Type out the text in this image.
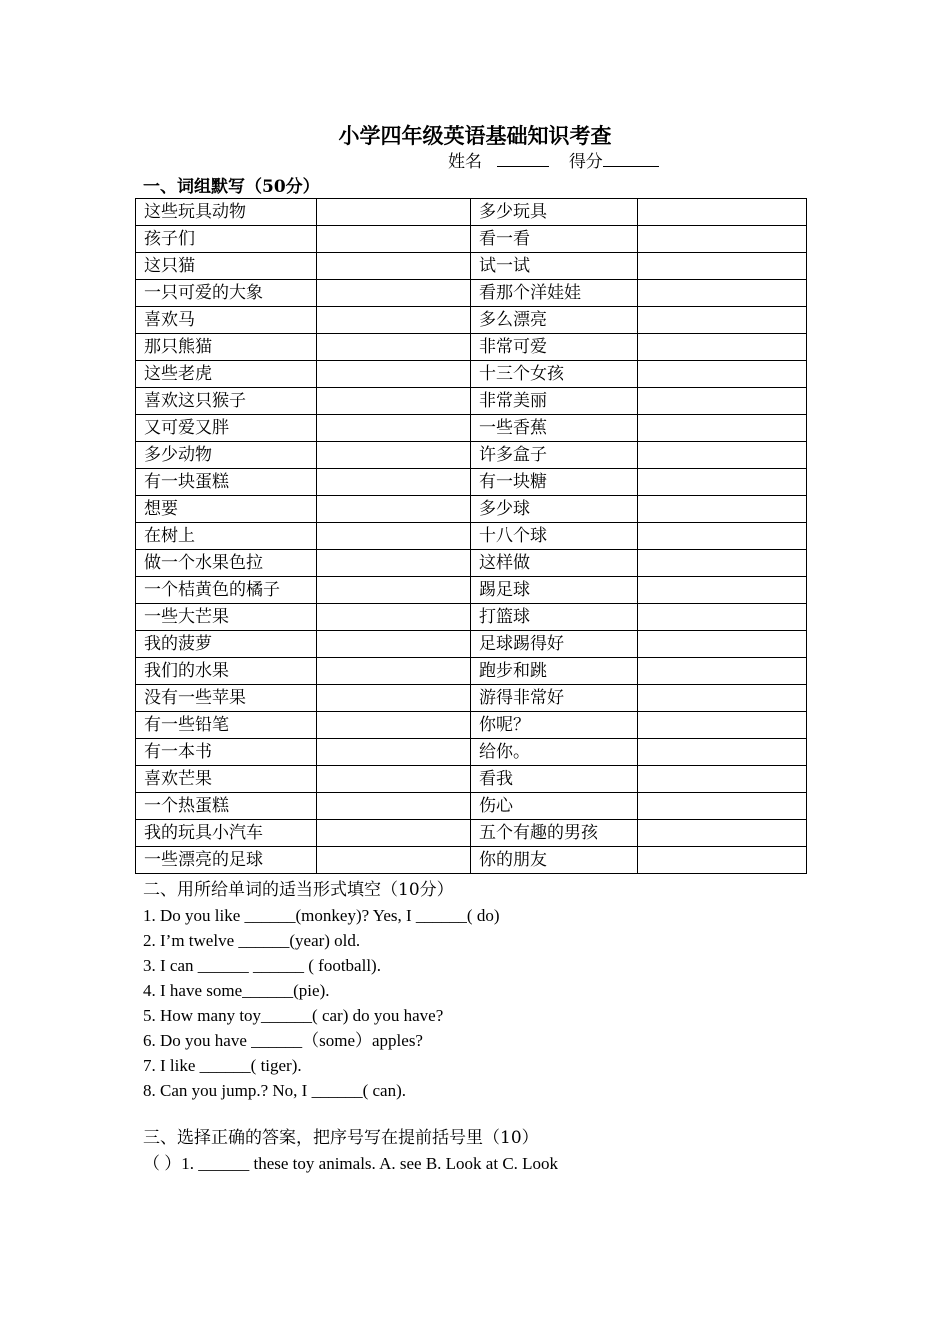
小学四年级英语基础知识考查
姓名	得分
一、词组默写（50分）
这些玩具动物		多少玩具	
孩子们		看一看	
这只猫		试一试	
一只可爱的大象		看那个洋娃娃	
喜欢马		多么漂亮	
那只熊猫		非常可爱	
这些老虎		十三个女孩	
喜欢这只猴子		非常美丽	
又可爱又胖		一些香蕉	
多少动物		许多盒子	
有一块蛋糕		有一块糖	
想要		多少球	
在树上		十八个球	
做一个水果色拉		这样做	
一个桔黄色的橘子		踢足球	
一些大芒果		打篮球	
我的菠萝		足球踢得好	
我们的水果		跑步和跳	
没有一些苹果		游得非常好	
有一些铅笔		你呢？	
有一本书		给你。	
喜欢芒果		看我	
一个热蛋糕		伤心	
我的玩具小汽车		五个有趣的男孩	
一些漂亮的足球		你的朋友	
二、用所给单词的适当形式填空（10分）
1. Do you like ______(monkey)? Yes, I ______( do)
2. I’m twelve ______(year) old.
3. I can ______ ______ ( football).
4. I have some______(pie).
5. How many toy______( car) do you have?
6. Do you have ______（some）apples?
7. I like ______( tiger).
8. Can you jump.? No, I ______( can).
三、选择正确的答案，把序号写在提前括号里（10）
（ ）1. ______ these toy animals. A. see B. Look at C. Look
